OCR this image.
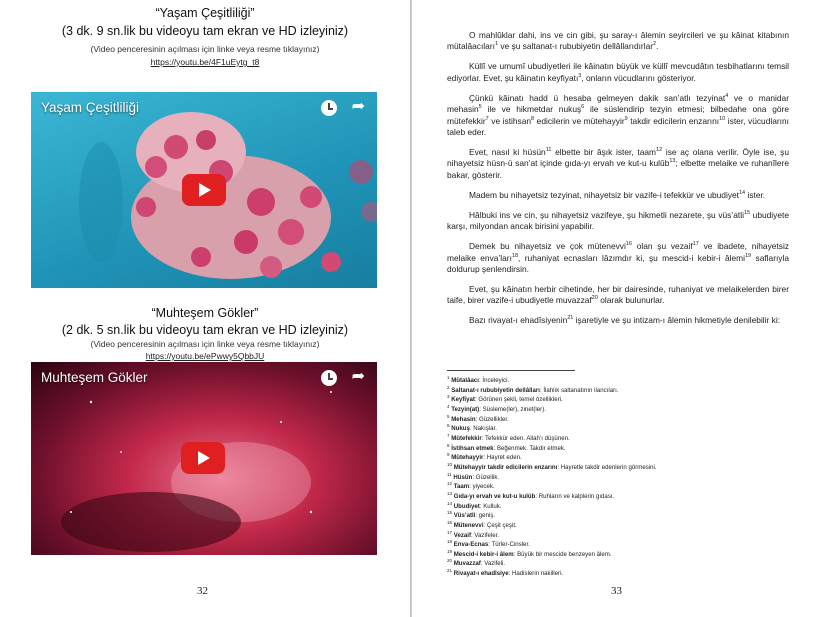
“Yaşam Çeşitliliği”
(3 dk. 9 sn.lik bu videoyu tam ekran ve HD izleyiniz)
(Video penceresinin açılması için linke veya resme tıklayınız)
https://youtu.be/4F1uEytg_t8
Yaşam Çeşitliliği	➦
“Muhteşem Gökler”
(2 dk. 5 sn.lik bu videoyu tam ekran ve HD izleyiniz)
(Video penceresinin açılması için linke veya resme tıklayınız)
https://youtu.be/ePwwy5QbbJU
Muhteşem Gökler	➦
32

O mahlûklar dahi, ins ve cin gibi, şu saray-ı âlemin seyircileri ve şu kâinat kitabının mütalâacıları$^1$ ve şu saltanat-ı rububiyetin dellâllarıdırlar$^2$.

Küllî ve umumî ubudiyetleri ile kâinatın büyük ve küllî mevcudâtın tesbihatlarını temsil ediyorlar. Evet, şu kâinatın keyfiyatı$^3$, onların vücudlarını gösteriyor.

Çünkü kâinatı hadd ü hesaba gelmeyen dakik san’atlı tezyinat$^4$ ve o manidar mehasin$^5$ ile ve hikmetdar nukuş$^6$ ile süslendirip tezyin etmesi; bilbedahe ona göre mütefekkir$^7$ ve istihsan$^8$ edicilerin ve mütehayyir$^9$ takdir edicilerin enzarını$^{10}$ ister, vücudlarını taleb eder.

Evet, nasıl ki hüsün$^{11}$ elbette bir âşık ister, taam$^{12}$ ise aç olana verilir. Öyle ise, şu nihayetsiz hüsn-ü san’at içinde gıda-yı ervah ve kut-u kulûb$^{13}$; elbette melaike ve ruhanîlere bakar, gösterir.

Madem bu nihayetsiz tezyinat, nihayetsiz bir vazife-i tefekkür ve ubudiyet$^{14}$ ister.

Hâlbuki ins ve cin, şu nihayetsiz vazifeye, şu hikmetli nezarete, şu vüs’atli$^{15}$ ubudiyete karşı, milyondan ancak birisini yapabilir.

Demek bu nihayetsiz ve çok mütenevvi$^{16}$ olan şu vezaif$^{17}$ ve ibadete, nihayetsiz melaike enva’ları$^{18}$, ruhaniyat ecnasları lâzımdır ki, şu mescid-i kebir-i âlemi$^{19}$ saflarıyla doldurup şenlendirsin.

Evet, şu kâinatın herbir cihetinde, her bir dairesinde, ruhaniyat ve melaikelerden birer taife, birer vazife-i ubudiyetle muvazzaf$^{20}$ olarak bulunurlar.

Bazı rivayat-ı ehadîsiyenin$^{21}$ işaretiyle ve şu intizam-ı âlemin hikmetiyle denilebilir ki:

$^1$ Mütalâacı: İnceleyici.
$^2$ Saltanat-ı rububiyetin dellâlları: İlahlık saltanatının ilancıları.
$^3$ Keyfiyat: Görünen şekli, temel özellikleri.
$^4$ Tezyin(at): Süsleme(ler), zinet(ler).
$^5$ Mehasin: Güzellikler.
$^6$ Nukuş: Nakışlar.
$^7$ Mütefekkir: Tefekkür eden. Allah’ı düşünen.
$^8$ İstihsan etmek: Beğenmek. Takdir etmek.
$^9$ Mütehayyir: Hayret eden.
$^{10}$ Mütehayyir takdir edicilerin enzarını: Hayretle takdir edenlerin görmesini.
$^{11}$ Hüsün: Güzellik.
$^{12}$ Taam: yiyecek.
$^{13}$ Gıda-yı ervah ve kut-u kulûb: Ruhların ve kalplerin gıdası.
$^{14}$ Ubudiyet: Kulluk.
$^{15}$ Vüs’atli: geniş.
$^{16}$ Mütenevvi: Çeşit çeşit.
$^{17}$ Vezaif: Vazifeler.
$^{18}$ Enva-Ecnas: Türler-Cinsler.
$^{19}$ Mescid-i kebir-i âlem: Büyük bir mescide benzeyen âlem.
$^{20}$ Muvazzaf: Vazifeli.
$^{21}$ Rivayat-ı ehadîsiye: Hadislerin nakilleri.
33
